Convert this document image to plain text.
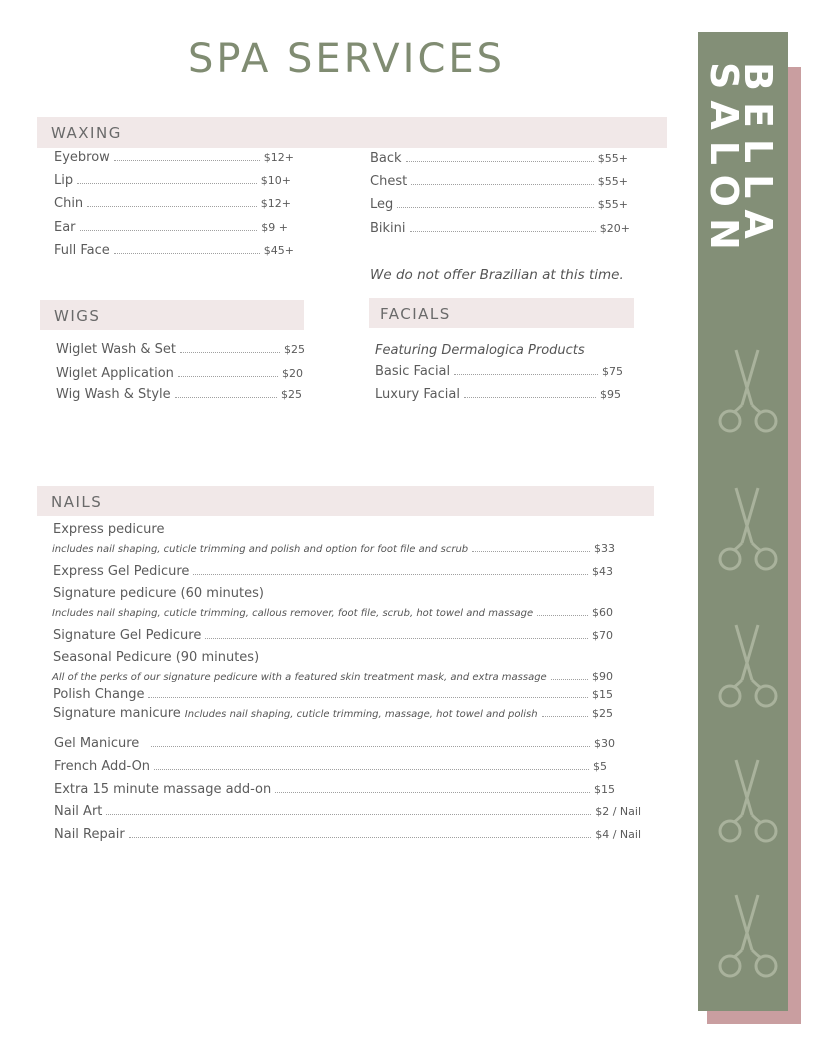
SPA SERVICES
WAXING
Eyebrow	$12+
Lip	$10+
Chin	$12+
Ear	$9 +
Full Face	$45+
Back	$55+
Chest	$55+
Leg	$55+
Bikini	$20+
We do not offer Brazilian at this time.
WIGS
Wiglet Wash & Set	$25
Wiglet Application	$20
Wig Wash & Style	$25
FACIALS
Featuring Dermalogica Products
Basic Facial	$75
Luxury Facial	$95
NAILS
Express pedicure
includes nail shaping, cuticle trimming and polish and option for foot file and scrub	$33
Express Gel Pedicure	$43
Signature pedicure (60 minutes)
Includes nail shaping, cuticle trimming, callous remover, foot file, scrub, hot towel and massage	$60
Signature Gel Pedicure	$70
Seasonal Pedicure (90 minutes)
All of the perks of our signature pedicure with a featured skin treatment mask, and extra massage	$90
Polish Change	$15
Signature manicure Includes nail shaping, cuticle trimming, massage, hot towel and polish	$25
Gel Manicure	$30
French Add-On	$5
Extra 15 minute massage add-on	$15
Nail Art	$2 / Nail
Nail Repair	$4 / Nail
BELLA
SALON
